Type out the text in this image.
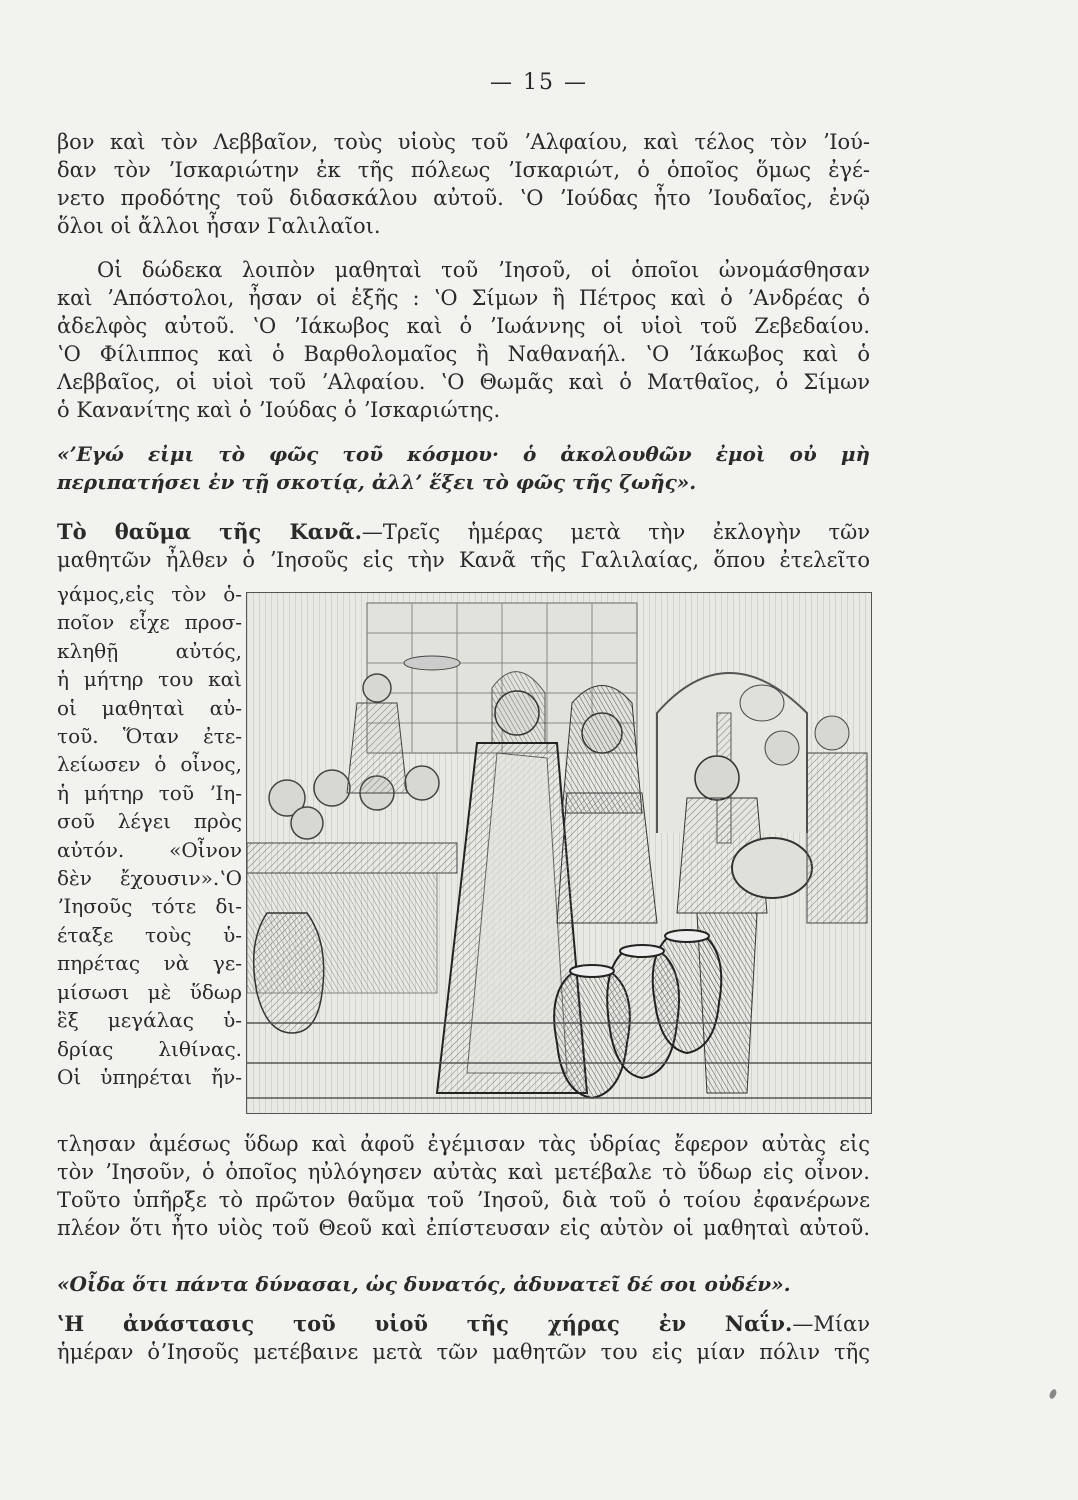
— 15 —
βον καὶ τὸν Λεββαῖον, τοὺς υἱοὺς τοῦ ʼΑλφαίου, καὶ τέλος τὸν ʼΙού-
δαν τὸν ʼΙσκαριώτην ἐκ τῆς πόλεως ʼΙσκαριώτ, ὁ ὁποῖος ὅμως ἐγέ-
νετο προδότης τοῦ διδασκάλου αὐτοῦ. ʽΟ ʼΙούδας ἦτο ʼΙουδαῖος, ἐνῷ
ὅλοι οἱ ἄλλοι ἦσαν Γαλιλαῖοι.
Οἱ δώδεκα λοιπὸν μαθηταὶ τοῦ ʼΙησοῦ, οἱ ὁποῖοι ὠνομάσθησαν
καὶ ʼΑπόστολοι, ἦσαν οἱ ἑξῆς : ʽΟ Σίμων ἢ Πέτρος καὶ ὁ ʼΑνδρέας ὁ
ἀδελφὸς αὐτοῦ. ʽΟ ʼΙάκωβος καὶ ὁ ʼΙωάννης οἱ υἱοὶ τοῦ Ζεβεδαίου.
ʽΟ Φίλιππος καὶ ὁ Βαρθολομαῖος ἢ Ναθαναήλ. ʽΟ ʼΙάκωβος καὶ ὁ
Λεββαῖος, οἱ υἱοὶ τοῦ ʼΑλφαίου. ʽΟ Θωμᾶς καὶ ὁ Ματθαῖος, ὁ Σίμων
ὁ Κανανίτης καὶ ὁ ʼΙούδας ὁ ʼΙσκαριώτης.
«ʼΕγώ εἰμι τὸ φῶς τοῦ κόσμου· ὁ ἀκολουθῶν ἐμοὶ οὐ μὴ
περιπατήσει ἐν τῇ σκοτίᾳ, ἀλλʼ ἕξει τὸ φῶς τῆς ζωῆς».
Τὸ θαῦμα τῆς Κανᾶ.—Τρεῖς ἡμέρας μετὰ τὴν ἐκλογὴν τῶν
μαθητῶν ἦλθεν ὁ ʼΙησοῦς εἰς τὴν Κανᾶ τῆς Γαλιλαίας, ὅπου ἐτελεῖτο
γάμος,εἰς τὸν ὁ-
ποῖον εἶχε προσ-
κληθῇ αὐτός,
ἡ μήτηρ του καὶ
οἱ μαθηταὶ αὐ-
τοῦ. Ὅταν ἐτε-
λείωσεν ὁ οἶνος,
ἡ μήτηρ τοῦ ʼΙη-
σοῦ λέγει πρὸς
αὐτόν. «Οἶνον
δὲν ἔχουσιν».ʽΟ
ʼΙησοῦς τότε δι-
έταξε τοὺς ὑ-
πηρέτας νὰ γε-
μίσωσι μὲ ὕδωρ
ἓξ μεγάλας ὑ-
δρίας λιθίνας.
Οἱ ὑπηρέται ἤν-
τλησαν ἀμέσως ὕδωρ καὶ ἀφοῦ ἐγέμισαν τὰς ὑδρίας ἔφερον αὐτὰς εἰς
τὸν ʼΙησοῦν, ὁ ὁποῖος ηὐλόγησεν αὐτὰς καὶ μετέβαλε τὸ ὕδωρ εἰς οἶνον.
Τοῦτο ὑπῆρξε τὸ πρῶτον θαῦμα τοῦ ʼΙησοῦ, διὰ τοῦ ὁ τοίου ἐφανέρωνε
πλέον ὅτι ἦτο υἱὸς τοῦ Θεοῦ καὶ ἐπίστευσαν εἰς αὐτὸν οἱ μαθηταὶ αὐτοῦ.
«Οἶδα ὅτι πάντα δύνασαι, ὡς δυνατός, ἀδυνατεῖ δέ σοι οὐδέν».
ʽΗ ἀνάστασις τοῦ υἱοῦ τῆς χήρας ἐν Ναΐν.—Μίαν
ἡμέραν ὁʼΙησοῦς μετέβαινε μετὰ τῶν μαθητῶν του εἰς μίαν πόλιν τῆς
